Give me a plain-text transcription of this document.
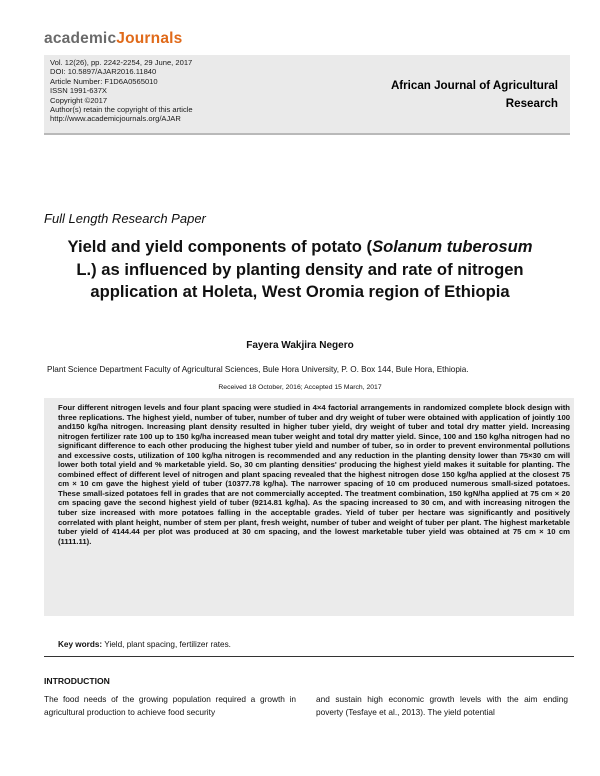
academicJournals
Vol. 12(26), pp. 2242-2254, 29 June, 2017
DOI: 10.5897/AJAR2016.11840
Article Number: F1D6A0565010
ISSN 1991-637X
Copyright ©2017
Author(s) retain the copyright of this article
http://www.academicjournals.org/AJAR
African Journal of Agricultural Research
Full Length Research Paper
Yield and yield components of potato (Solanum tuberosum L.) as influenced by planting density and rate of nitrogen application at Holeta, West Oromia region of Ethiopia
Fayera Wakjira Negero
Plant Science Department Faculty of Agricultural Sciences, Bule Hora University, P. O. Box 144, Bule Hora, Ethiopia.
Received 18 October, 2016; Accepted 15 March, 2017
Four different nitrogen levels and four plant spacing were studied in 4×4 factorial arrangements in randomized complete block design with three replications. The highest yield, number of tuber, number of tuber and dry weight of tuber were obtained with application of jointly 100 and150 kg/ha nitrogen. Increasing plant density resulted in higher tuber yield, dry weight of tuber and total dry matter yield. Increasing nitrogen fertilizer rate 100 up to 150 kg/ha increased mean tuber weight and total dry matter yield. Since, 100 and 150 kg/ha nitrogen had no significant difference to each other producing the highest tuber yield and number of tuber, so in order to prevent environmental pollutions and excessive costs, utilization of 100 kg/ha nitrogen is recommended and any reduction in the planting density lower than 75×30 cm will lower both total yield and % marketable yield. So, 30 cm planting densities' producing the highest yield makes it suitable for planting. The combined effect of different level of nitrogen and plant spacing revealed that the highest nitrogen dose 150 kg/ha applied at the closest 75 cm × 10 cm gave the highest yield of tuber (10377.78 kg/ha). The narrower spacing of 10 cm produced numerous small-sized potatoes. These small-sized potatoes fell in grades that are not commercially accepted. The treatment combination, 150 kgN/ha applied at 75 cm × 20 cm spacing gave the second highest yield of tuber (9214.81 kg/ha). As the spacing increased to 30 cm, and with increasing nitrogen the tuber size increased with more potatoes falling in the acceptable grades. Yield of tuber per hectare was significantly and positively correlated with plant height, number of stem per plant, fresh weight, number of tuber and weight of tuber per plant. The highest marketable tuber yield of 4144.44 per plot was produced at 30 cm spacing, and the lowest marketable tuber yield was obtained at 75 cm × 10 cm (1111.11).
Key words: Yield, plant spacing, fertilizer rates.
INTRODUCTION
The food needs of the growing population required a growth in agricultural production to achieve food security
and sustain high economic growth levels with the aim ending poverty (Tesfaye et al., 2013). The yield potential
